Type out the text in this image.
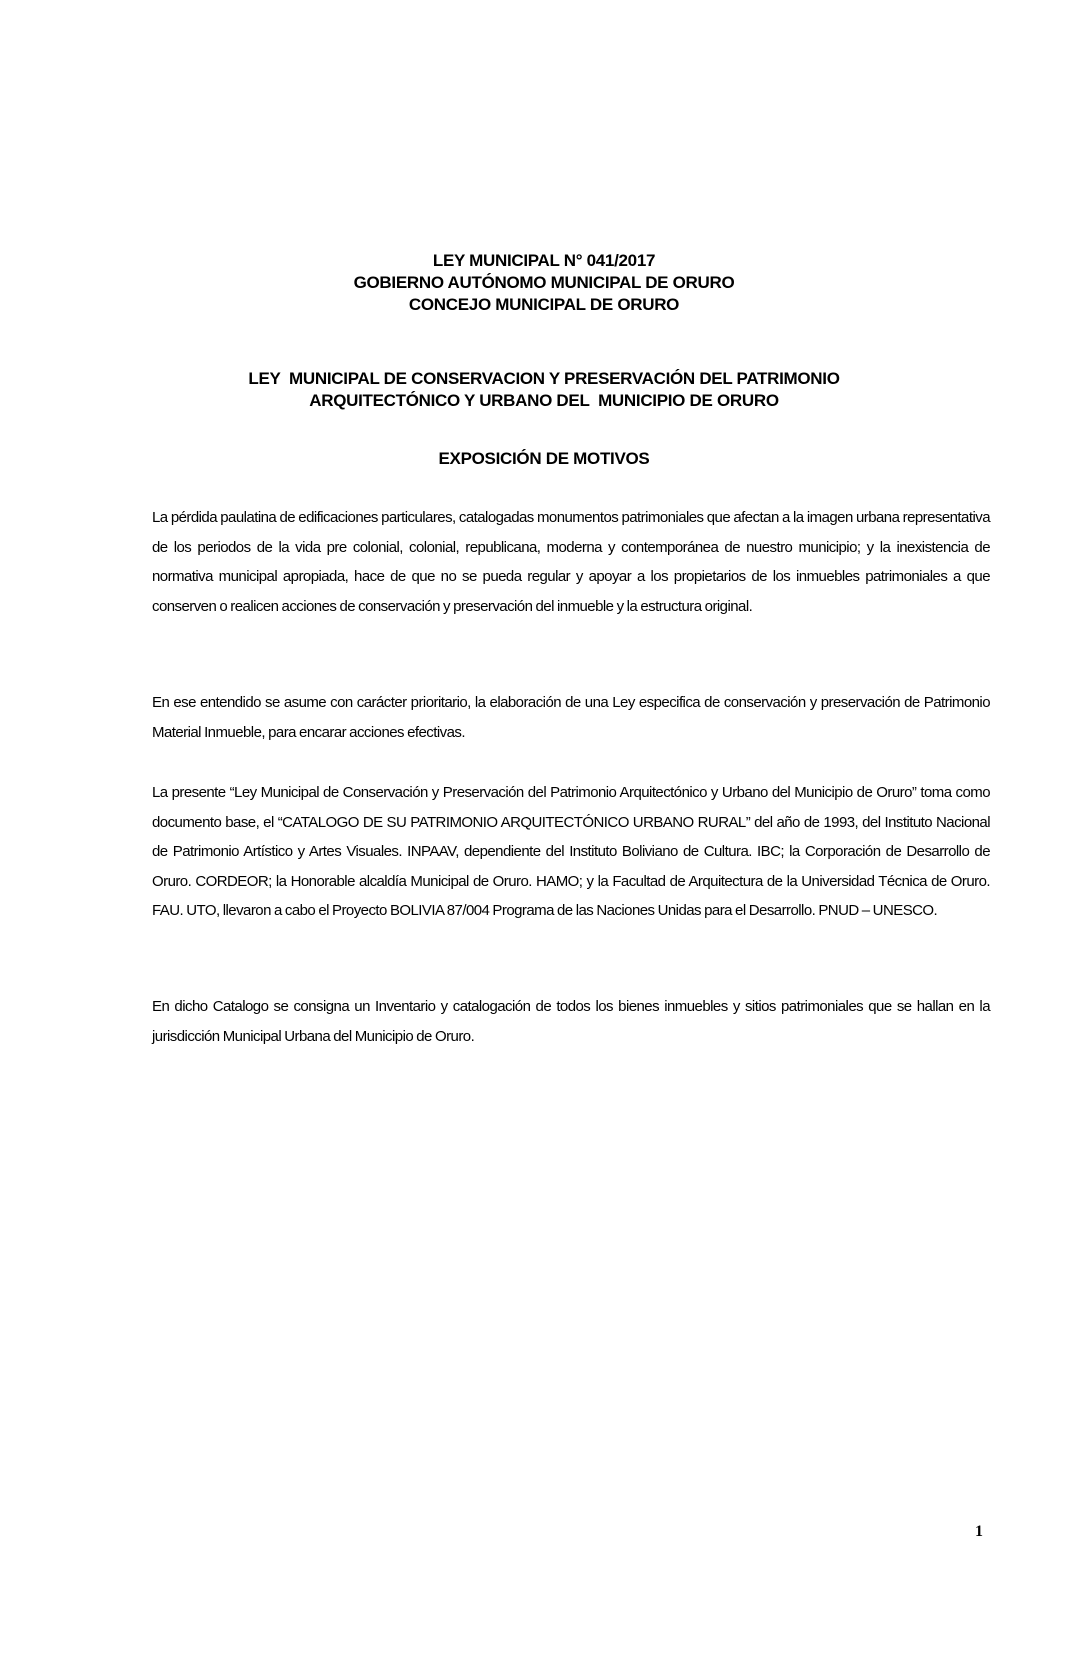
LEY MUNICIPAL N° 041/2017
GOBIERNO AUTÓNOMO MUNICIPAL DE ORURO
CONCEJO MUNICIPAL DE ORURO
LEY  MUNICIPAL DE CONSERVACION Y PRESERVACIÓN DEL PATRIMONIO
ARQUITECTÓNICO Y URBANO DEL  MUNICIPIO DE ORURO
EXPOSICIÓN DE MOTIVOS

La pérdida paulatina de edificaciones particulares, catalogadas monumentos patrimoniales que afectan a la imagen urbana representativa de los periodos de la vida pre colonial, colonial, republicana, moderna y contemporánea de nuestro municipio; y la inexistencia de normativa municipal apropiada, hace de que no se pueda regular y apoyar a los propietarios de los inmuebles patrimoniales a que conserven o realicen acciones de conservación y preservación del inmueble y la estructura original.

En ese entendido se asume con carácter prioritario, la elaboración de una Ley especifica de conservación y preservación de Patrimonio Material Inmueble, para encarar acciones efectivas.

La presente “Ley Municipal de Conservación y Preservación del Patrimonio Arquitectónico y Urbano del Municipio de Oruro” toma como documento base, el “CATALOGO DE SU PATRIMONIO ARQUITECTÓNICO URBANO RURAL” del año de 1993, del Instituto Nacional de Patrimonio Artístico y Artes Visuales. INPAAV, dependiente del Instituto Boliviano de Cultura. IBC; la Corporación de Desarrollo de Oruro. CORDEOR; la Honorable alcaldía Municipal de Oruro. HAMO; y la Facultad de Arquitectura de la Universidad Técnica de Oruro. FAU. UTO, llevaron a cabo el Proyecto BOLIVIA 87/004 Programa de las Naciones Unidas para el Desarrollo. PNUD – UNESCO.

En dicho Catalogo se consigna un Inventario y catalogación de todos los bienes inmuebles y sitios patrimoniales que se hallan en la jurisdicción Municipal Urbana del Municipio de Oruro.

1
